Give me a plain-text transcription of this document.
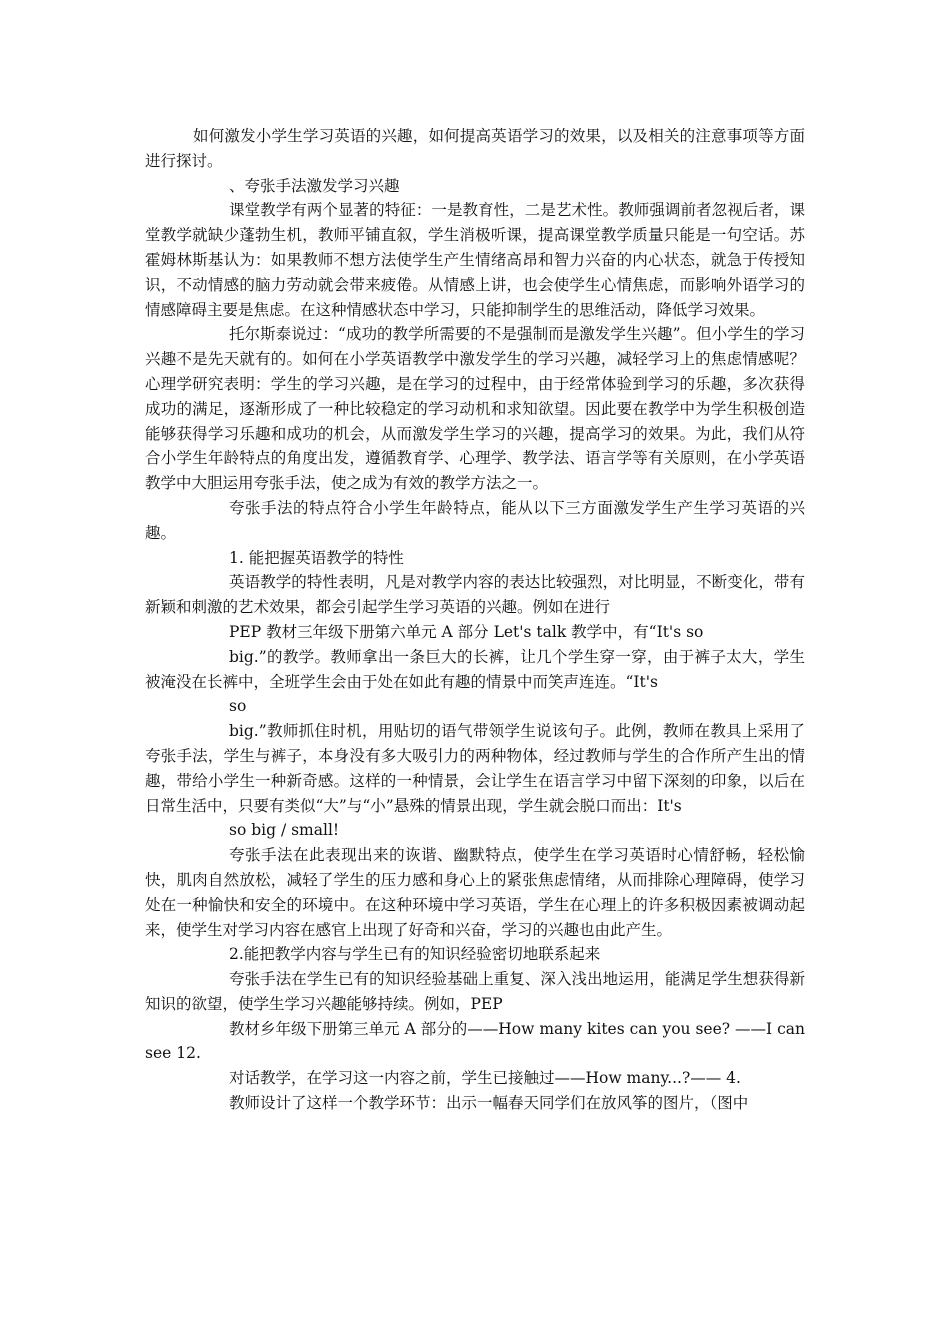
如何激发小学生学习英语的兴趣，如何提高英语学习的效果，以及相关的注意事项等方面进行探讨。

、夸张手法激发学习兴趣

课堂教学有两个显著的特征：一是教育性，二是艺术性。教师强调前者忽视后者，课堂教学就缺少蓬勃生机，教师平铺直叙，学生消极听课，提高课堂教学质量只能是一句空话。苏霍姆林斯基认为：如果教师不想方法使学生产生情绪高昂和智力兴奋的内心状态，就急于传授知识，不动情感的脑力劳动就会带来疲倦。从情感上讲，也会使学生心情焦虑，而影响外语学习的情感障碍主要是焦虑。在这种情感状态中学习，只能抑制学生的思维活动，降低学习效果。

托尔斯泰说过：“成功的教学所需要的不是强制而是激发学生兴趣”。但小学生的学习兴趣不是先天就有的。如何在小学英语教学中激发学生的学习兴趣，减轻学习上的焦虑情感呢？心理学研究表明：学生的学习兴趣，是在学习的过程中，由于经常体验到学习的乐趣，多次获得成功的满足，逐渐形成了一种比较稳定的学习动机和求知欲望。因此要在教学中为学生积极创造能够获得学习乐趣和成功的机会，从而激发学生学习的兴趣，提高学习的效果。为此，我们从符合小学生年龄特点的角度出发，遵循教育学、心理学、教学法、语言学等有关原则，在小学英语教学中大胆运用夸张手法，使之成为有效的教学方法之一。

夸张手法的特点符合小学生年龄特点，能从以下三方面激发学生产生学习英语的兴趣。

1. 能把握英语教学的特性

英语教学的特性表明，凡是对教学内容的表达比较强烈，对比明显，不断变化，带有新颖和刺激的艺术效果，都会引起学生学习英语的兴趣。例如在进行

PEP 教材三年级下册第六单元 A 部分 Let's talk 教学中，有“It's so

big.”的教学。教师拿出一条巨大的长裤，让几个学生穿一穿，由于裤子太大，学生被淹没在长裤中，全班学生会由于处在如此有趣的情景中而笑声连连。“It's

so

big.”教师抓住时机，用贴切的语气带领学生说该句子。此例，教师在教具上采用了夸张手法，学生与裤子，本身没有多大吸引力的两种物体，经过教师与学生的合作所产生出的情趣，带给小学生一种新奇感。这样的一种情景，会让学生在语言学习中留下深刻的印象，以后在日常生活中，只要有类似“大”与“小”悬殊的情景出现，学生就会脱口而出：It's

so big / small!

夸张手法在此表现出来的诙谐、幽默特点，使学生在学习英语时心情舒畅，轻松愉快，肌肉自然放松，减轻了学生的压力感和身心上的紧张焦虑情绪，从而排除心理障碍，使学习处在一种愉快和安全的环境中。在这种环境中学习英语，学生在心理上的许多积极因素被调动起来，使学生对学习内容在感官上出现了好奇和兴奋，学习的兴趣也由此产生。

2.能把教学内容与学生已有的知识经验密切地联系起来

夸张手法在学生已有的知识经验基础上重复、深入浅出地运用，能满足学生想获得新知识的欲望，使学生学习兴趣能够持续。例如，PEP

教材乡年级下册第三单元 A 部分的——How many kites can you see? ——I can see 12.

对话教学，在学习这一内容之前，学生已接触过——How many...?—— 4.

教师设计了这样一个教学环节：出示一幅春天同学们在放风筝的图片，（图中
